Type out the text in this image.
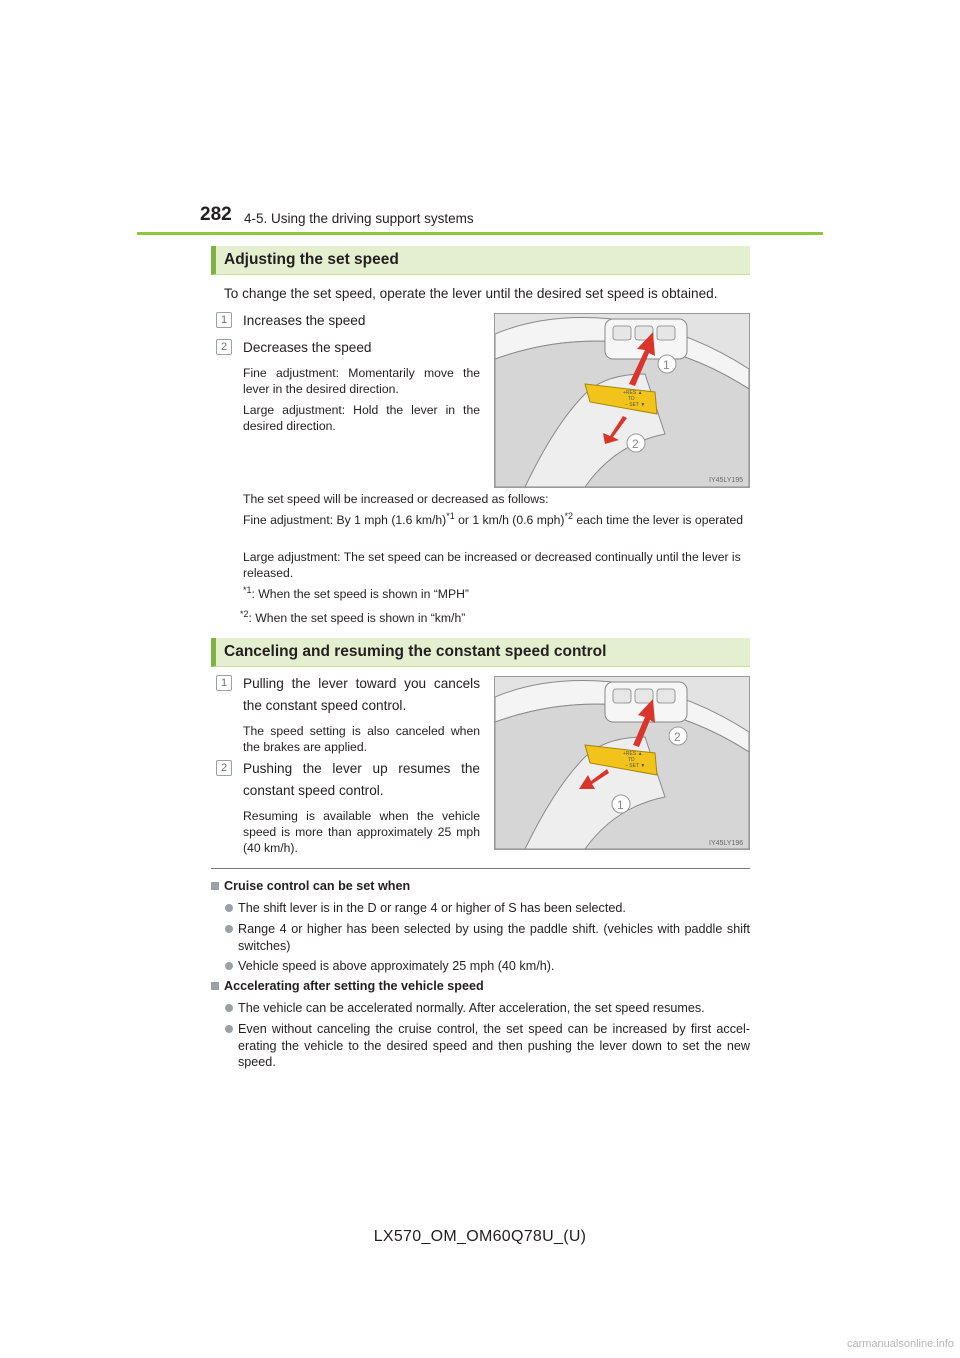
282 4-5. Using the driving support systems
Adjusting the set speed
To change the set speed, operate the lever until the desired set speed is obtained.
1	Increases the speed
2	Decreases the speed
Fine adjustment: Momentarily move the lever in the desired direction.
Large adjustment: Hold the lever in the desired direction.
+RES ▲
TD
− SET ▼
1
2
IY45LY195
The set speed will be increased or decreased as follows:
Fine adjustment: By 1 mph (1.6 km/h)$^{*1}$ or 1 km/h (0.6 mph)$^{*2}$ each time the lever is operated
Large adjustment: The set speed can be increased or decreased continually until the lever is released.
$^{*1}$: When the set speed is shown in “MPH”
$^{*2}$: When the set speed is shown in “km/h”
Canceling and resuming the constant speed control
1	Pulling the lever toward you cancels the constant speed control.
The speed setting is also canceled when the brakes are applied.
2	Pushing the lever up resumes the constant speed control.
Resuming is available when the vehicle speed is more than approximately 25 mph (40 km/h).
+RES ▲
TD
− SET ▼
2
1
IY45LY196
Cruise control can be set when
The shift lever is in the D or range 4 or higher of S has been selected.
Range 4 or higher has been selected by using the paddle shift. (vehicles with paddle shift switches)
Vehicle speed is above approximately 25 mph (40 km/h).
Accelerating after setting the vehicle speed
The vehicle can be accelerated normally. After acceleration, the set speed resumes.
Even without canceling the cruise control, the set speed can be increased by first accel-erating the vehicle to the desired speed and then pushing the lever down to set the new speed.
LX570_OM_OM60Q78U_(U)
carmanualsonline.info
